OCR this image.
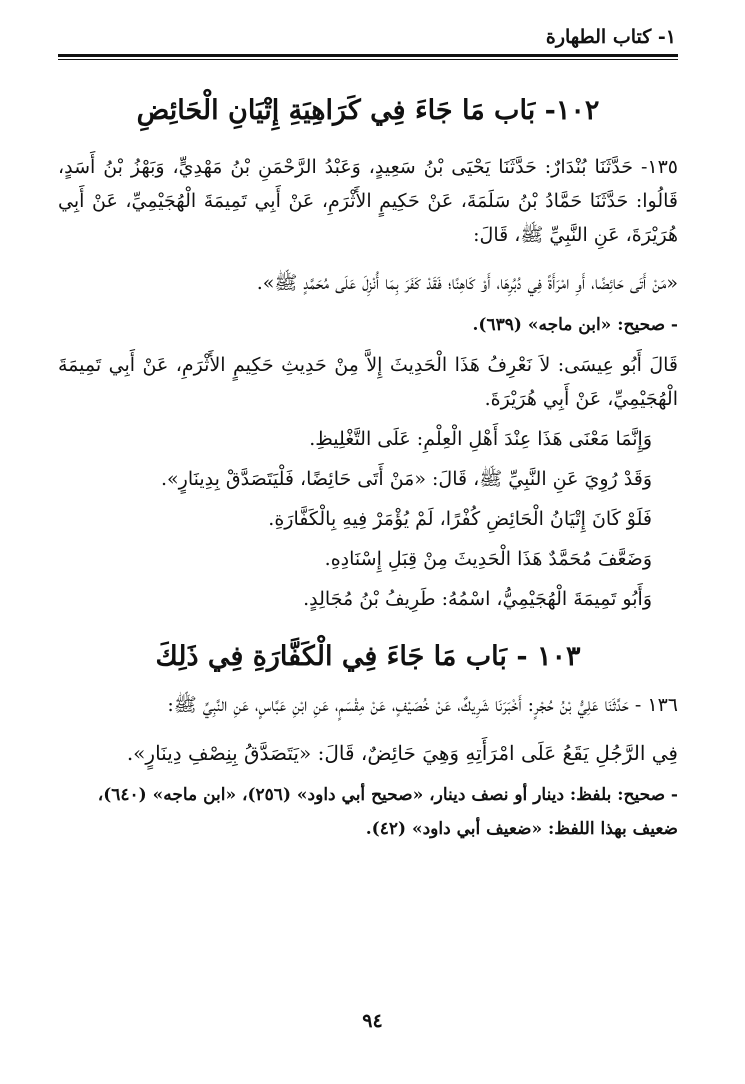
١- كتاب الطهارة
١٠٢- بَاب مَا جَاءَ فِي كَرَاهِيَةِ إِتْيَانِ الْحَائِضِ

١٣٥- حَدَّثَنَا بُنْدَارٌ: حَدَّثَنَا يَحْيَى بْنُ سَعِيدٍ، وَعَبْدُ الرَّحْمَنِ بْنُ مَهْدِيٍّ، وَبَهْزُ بْنُ أَسَدٍ، قَالُوا: حَدَّثَنَا حَمَّادُ بْنُ سَلَمَةَ، عَنْ حَكِيمٍ الأَثْرَمِ، عَنْ أَبِي تَمِيمَةَ الْهُجَيْمِيِّ، عَنْ أَبِي هُرَيْرَةَ، عَنِ النَّبِيِّ ﷺ، قَالَ:

«مَنْ أَتَى حَائِضًا، أَوِ امْرَأَةً فِي دُبُرِهَا، أَوْ كَاهِنًا؛ فَقَدْ كَفَرَ بِمَا أُنْزِلَ عَلَى مُحَمَّدٍ ﷺ».

- صحيح: «ابن ماجه» (٦٣٩).

قَالَ أَبُو عِيسَى: لاَ نَعْرِفُ هَذَا الْحَدِيثَ إِلاَّ مِنْ حَدِيثِ حَكِيمٍ الأَثْرَمِ، عَنْ أَبِي تَمِيمَةَ الْهُجَيْمِيِّ، عَنْ أَبِي هُرَيْرَةَ.

وَإِنَّمَا مَعْنَى هَذَا عِنْدَ أَهْلِ الْعِلْمِ: عَلَى التَّغْلِيظِ.
وَقَدْ رُوِيَ عَنِ النَّبِيِّ ﷺ، قَالَ: «مَنْ أَتَى حَائِضًا، فَلْيَتَصَدَّقْ بِدِينَارٍ».
فَلَوْ كَانَ إِتْيَانُ الْحَائِضِ كُفْرًا، لَمْ يُؤْمَرْ فِيهِ بِالْكَفَّارَةِ.
وَضَعَّفَ مُحَمَّدٌ هَذَا الْحَدِيثَ مِنْ قِبَلِ إِسْنَادِهِ.
وَأَبُو تَمِيمَةَ الْهُجَيْمِيُّ، اسْمُهُ: طَرِيفُ بْنُ مُجَالِدٍ.
١٠٣ - بَاب مَا جَاءَ فِي الْكَفَّارَةِ فِي ذَلِكَ

١٣٦ - حَدَّثَنَا عَلِيُّ بْنُ حُجْرٍ: أَخْبَرَنَا شَرِيكٌ، عَنْ خُصَيْفٍ، عَنْ مِقْسَمٍ، عَنِ ابْنِ عَبَّاسٍ، عَنِ النَّبِيِّ ﷺ:

فِي الرَّجُلِ يَقَعُ عَلَى امْرَأَتِهِ وَهِيَ حَائِضٌ، قَالَ: «يَتَصَدَّقُ بِنِصْفِ دِينَارٍ».

- صحيح: بلفظ: دينار أو نصف دينار، «صحيح أبي داود» (٢٥٦)، «ابن ماجه» (٦٤٠)، ضعيف بهذا اللفظ: «ضعيف أبي داود» (٤٢).
٩٤
